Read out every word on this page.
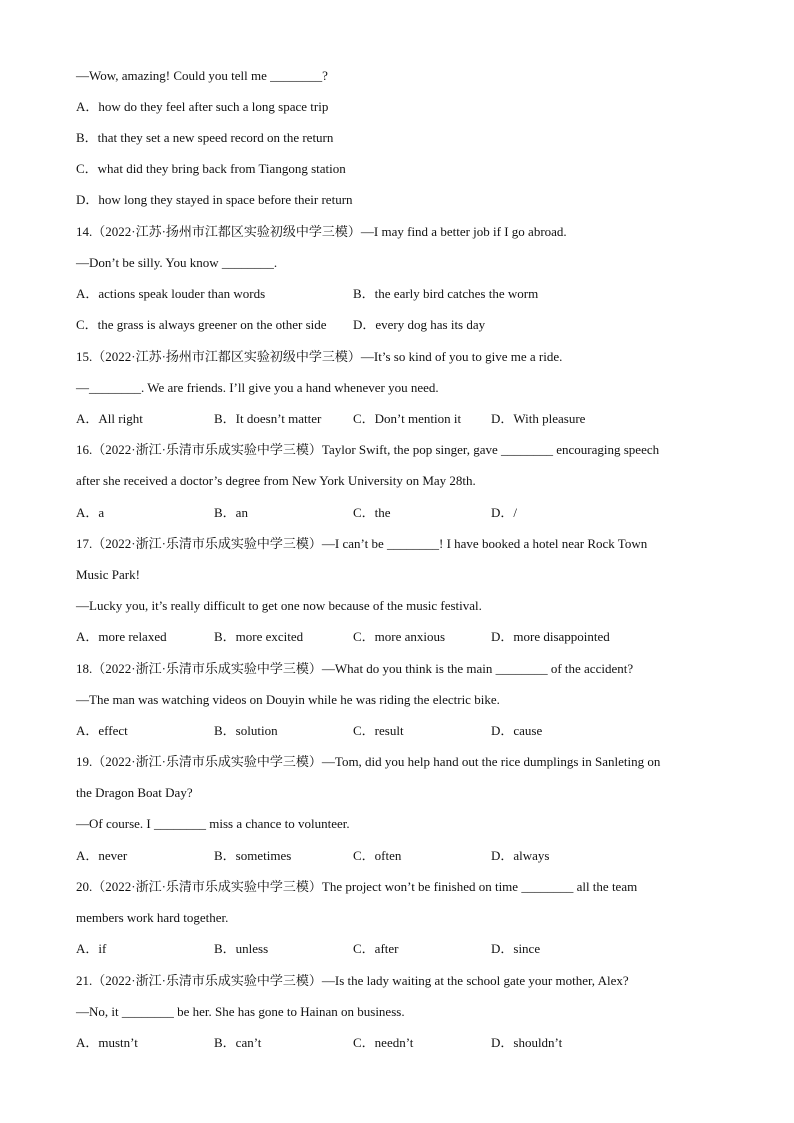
—Wow, amazing! Could you tell me ________?
A．how do they feel after such a long space trip
B．that they set a new speed record on the return
C．what did they bring back from Tiangong station
D．how long they stayed in space before their return
14.（2022·江苏·扬州市江都区实验初级中学三模）—I may find a better job if I go abroad.
—Don’t be silly. You know ________.
A．actions speak louder than words	B．the early bird catches the worm
C．the grass is always greener on the other side D．every dog has its day
15.（2022·江苏·扬州市江都区实验初级中学三模）—It’s so kind of you to give me a ride.
—________. We are friends. I’ll give you a hand whenever you need.
A．All right	B．It doesn’t matter C．Don’t mention it D．With pleasure
16.（2022·浙江·乐清市乐成实验中学三模）Taylor Swift, the pop singer, gave ________ encouraging speech
after she received a doctor’s degree from New York University on May 28th.
A．a	B．an	C．the	D．/
17.（2022·浙江·乐清市乐成实验中学三模）—I can’t be ________! I have booked a hotel near Rock Town
Music Park!
—Lucky you, it’s really difficult to get one now because of the music festival.
A．more relaxed	B．more excited	C．more anxious	D．more disappointed
18.（2022·浙江·乐清市乐成实验中学三模）—What do you think is the main ________ of the accident?
—The man was watching videos on Douyin while he was riding the electric bike.
A．effect	B．solution	C．result	D．cause
19.（2022·浙江·乐清市乐成实验中学三模）—Tom, did you help hand out the rice dumplings in Sanleting on
the Dragon Boat Day?
—Of course. I ________ miss a chance to volunteer.
A．never	B．sometimes	C．often	D．always
20.（2022·浙江·乐清市乐成实验中学三模）The project won’t be finished on time ________ all the team
members work hard together.
A．if	B．unless	C．after	D．since
21.（2022·浙江·乐清市乐成实验中学三模）—Is the lady waiting at the school gate your mother, Alex?
—No, it ________ be her. She has gone to Hainan on business.
A．mustn’t	B．can’t	C．needn’t	D．shouldn’t
